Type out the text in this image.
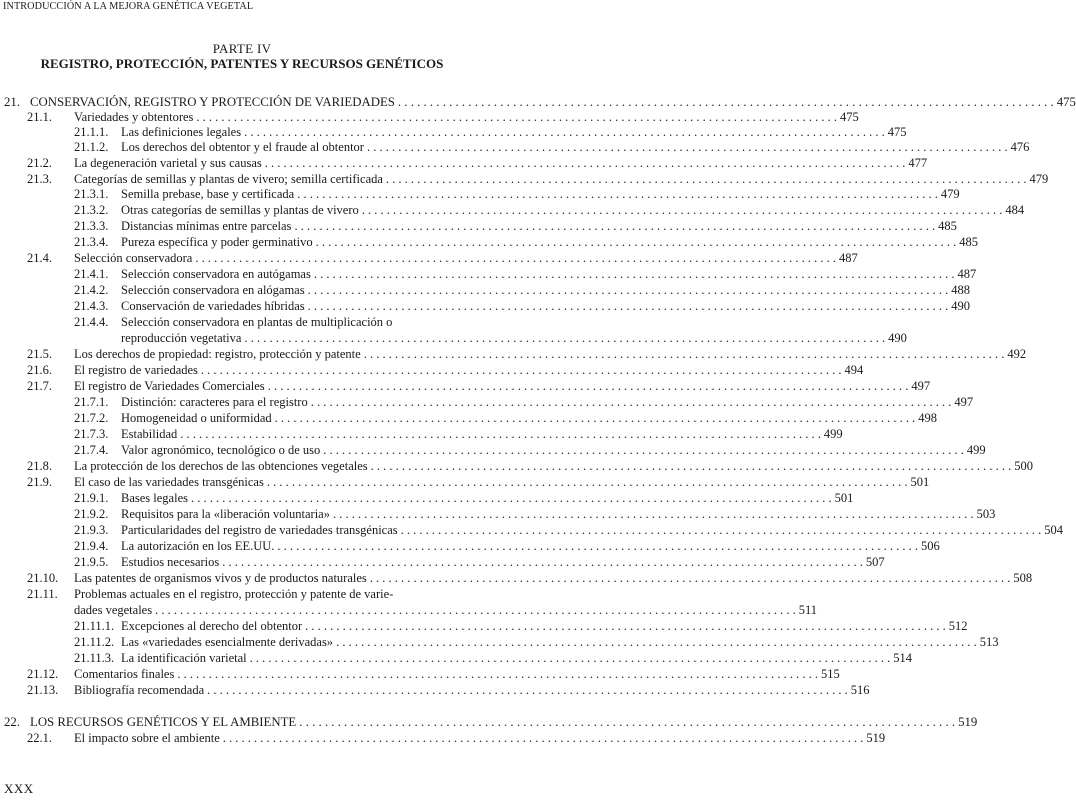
INTRODUCCIÓN A LA MEJORA GENÉTICA VEGETAL
PARTE IV
REGISTRO, PROTECCIÓN, PATENTES Y RECURSOS GENÉTICOS
21. CONSERVACIÓN, REGISTRO Y PROTECCIÓN DE VARIEDADES . . .	475
21.1.	Variedades y obtentores . . .	475
21.1.1.	Las definiciones legales . . .	475
21.1.2.	Los derechos del obtentor y el fraude al obtentor . . .	476
21.2.	La degeneración varietal y sus causas . . .	477
21.3.	Categorías de semillas y plantas de vivero; semilla certificada . . .	479
21.3.1.	Semilla prebase, base y certificada . . .	479
21.3.2.	Otras categorías de semillas y plantas de vivero . . .	484
21.3.3.	Distancias mínimas entre parcelas . . .	485
21.3.4.	Pureza específica y poder germinativo . . .	485
21.4.	Selección conservadora . . .	487
21.4.1.	Selección conservadora en autógamas . . .	487
21.4.2.	Selección conservadora en alógamas . . .	488
21.4.3.	Conservación de variedades híbridas . . .	490
21.4.4.	Selección conservadora en plantas de multiplicación o
reproducción vegetativa . . .	490
21.5.	Los derechos de propiedad: registro, protección y patente . . .	492
21.6.	El registro de variedades . . .	494
21.7.	El registro de Variedades Comerciales . . .	497
21.7.1.	Distinción: caracteres para el registro . . .	497
21.7.2.	Homogeneidad o uniformidad . . .	498
21.7.3.	Estabilidad . . .	499
21.7.4.	Valor agronómico, tecnológico o de uso . . .	499
21.8.	La protección de los derechos de las obtenciones vegetales . . .	500
21.9.	El caso de las variedades transgénicas . . .	501
21.9.1.	Bases legales . . .	501
21.9.2.	Requisitos para la «liberación voluntaria» . . .	503
21.9.3.	Particularidades del registro de variedades transgénicas . . .	504
21.9.4.	La autorización en los EE.UU. . . .	506
21.9.5.	Estudios necesarios . . .	507
21.10.	Las patentes de organismos vivos y de productos naturales . . .	508
21.11.	Problemas actuales en el registro, protección y patente de varie-
dades vegetales . . .	511
21.11.1. Excepciones al derecho del obtentor . . .	512
21.11.2. Las «variedades esencialmente derivadas» . . .	513
21.11.3. La identificación varietal . . .	514
21.12.	Comentarios finales . . .	515
21.13.	Bibliografía recomendada . . .	516
22. LOS RECURSOS GENÉTICOS Y EL AMBIENTE . . .	519
22.1.	El impacto sobre el ambiente . . .	519
XXX
